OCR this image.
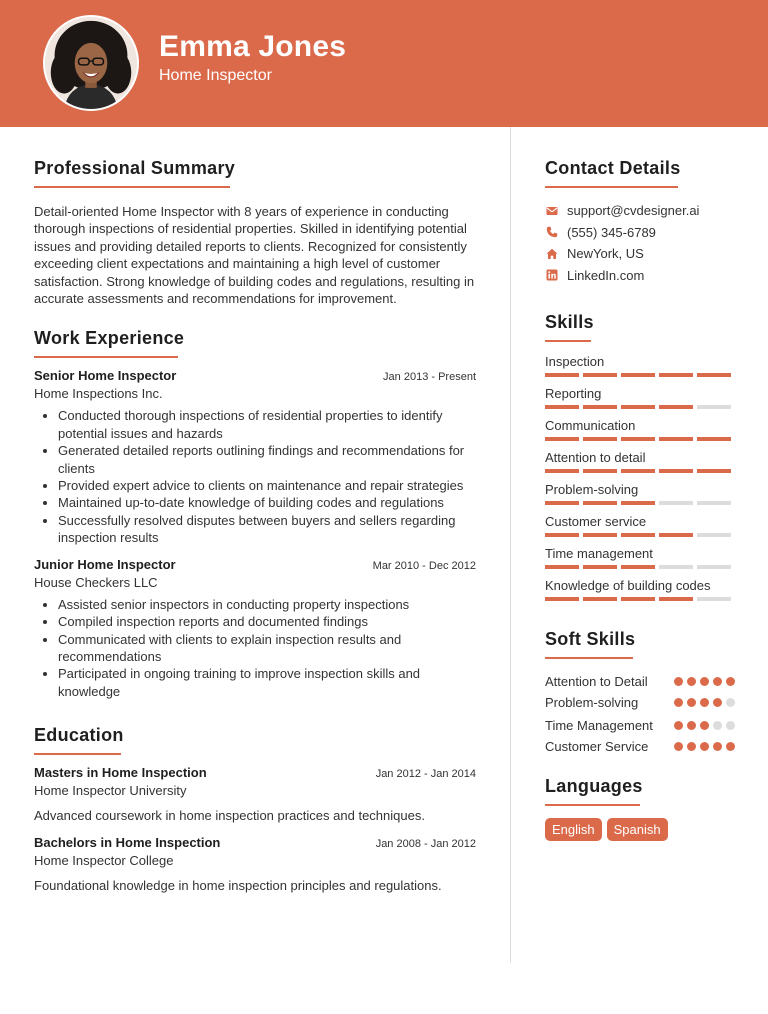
Emma Jones
Home Inspector
Professional Summary

Detail-oriented Home Inspector with 8 years of experience in conducting thorough inspections of residential properties. Skilled in identifying potential issues and providing detailed reports to clients. Recognized for consistently exceeding client expectations and maintaining a high level of customer satisfaction. Strong knowledge of building codes and regulations, resulting in accurate assessments and recommendations for improvement.

Work Experience
Senior Home Inspector	Jan 2013 - Present
Home Inspections Inc.
Conducted thorough inspections of residential properties to identify potential issues and hazards
Generated detailed reports outlining findings and recommendations for clients
Provided expert advice to clients on maintenance and repair strategies
Maintained up-to-date knowledge of building codes and regulations
Successfully resolved disputes between buyers and sellers regarding inspection results
Junior Home Inspector	Mar 2010 - Dec 2012
House Checkers LLC
Assisted senior inspectors in conducting property inspections
Compiled inspection reports and documented findings
Communicated with clients to explain inspection results and recommendations
Participated in ongoing training to improve inspection skills and knowledge
Education
Masters in Home Inspection	Jan 2012 - Jan 2014
Home Inspector University
Advanced coursework in home inspection practices and techniques.
Bachelors in Home Inspection	Jan 2008 - Jan 2012
Home Inspector College
Foundational knowledge in home inspection principles and regulations.
Contact Details
support@cvdesigner.ai
(555) 345-6789
NewYork, US
LinkedIn.com
Skills
Inspection
Reporting
Communication
Attention to detail
Problem-solving
Customer service
Time management
Knowledge of building codes
Soft Skills
Attention to Detail
Problem-solving
Time Management
Customer Service
Languages
English	Spanish
